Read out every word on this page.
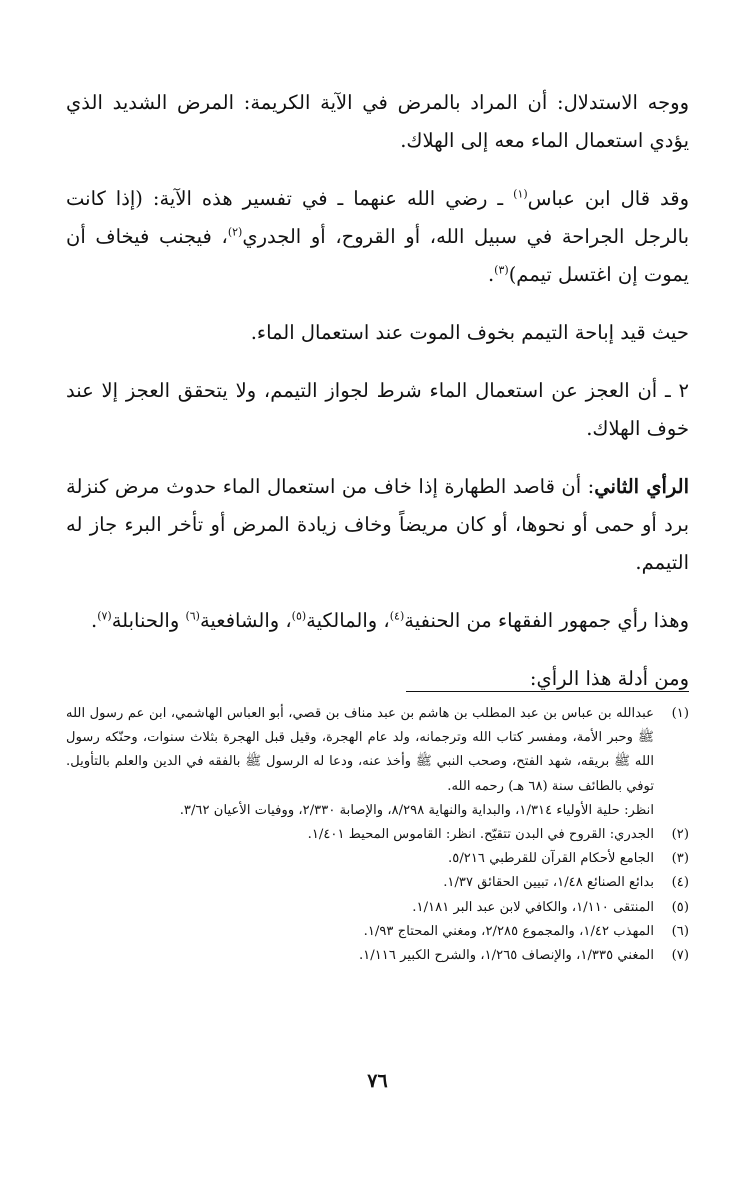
ووجه الاستدلال: أن المراد بالمرض في الآية الكريمة: المرض الشديد الذي يؤدي استعمال الماء معه إلى الهلاك.

وقد قال ابن عباس$^{(١)}$ ـ رضي الله عنهما ـ في تفسير هذه الآية: (إذا كانت بالرجل الجراحة في سبيل الله، أو القروح، أو الجدري$^{(٢)}$، فيجنب فيخاف أن يموت إن اغتسل تيمم)$^{(٣)}$.

حيث قيد إباحة التيمم بخوف الموت عند استعمال الماء.

٢ ـ أن العجز عن استعمال الماء شرط لجواز التيمم، ولا يتحقق العجز إلا عند خوف الهلاك.

الرأي الثاني: أن قاصد الطهارة إذا خاف من استعمال الماء حدوث مرض كنزلة برد أو حمى أو نحوها، أو كان مريضاً وخاف زيادة المرض أو تأخر البرء جاز له التيمم.

وهذا رأي جمهور الفقهاء من الحنفية$^{(٤)}$، والمالكية$^{(٥)}$، والشافعية$^{(٦)}$ والحنابلة$^{(٧)}$.

ومن أدلة هذا الرأي:

(١)
عبدالله بن عباس بن عبد المطلب بن هاشم بن عبد مناف بن قصي، أبو العباس الهاشمي، ابن عم رسول الله ﷺ وحبر الأمة، ومفسر كتاب الله وترجمانه، ولد عام الهجرة، وقيل قبل الهجرة بثلاث سنوات، وحنّكه رسول الله ﷺ بريقه، شهد الفتح، وصحب النبي ﷺ وأخذ عنه، ودعا له الرسول ﷺ بالفقه في الدين والعلم بالتأويل. توفي بالطائف سنة (٦٨ هـ) رحمه الله.
انظر: حلية الأولياء ١/٣١٤، والبداية والنهاية ٨/٢٩٨، والإصابة ٢/٣٣٠، ووفيات الأعيان ٣/٦٢.
(٢)
الجدري: القروح في البدن تتقيّح. انظر: القاموس المحيط ١/٤٠١.
(٣)
الجامع لأحكام القرآن للقرطبي ٥/٢١٦.
(٤)
بدائع الصنائع ١/٤٨، تبيين الحقائق ١/٣٧.
(٥)
المنتقى ١/١١٠، والكافي لابن عبد البر ١/١٨١.
(٦)
المهذب ١/٤٢، والمجموع ٢/٢٨٥، ومغني المحتاج ١/٩٣.
(٧)
المغني ١/٣٣٥، والإنصاف ١/٢٦٥، والشرح الكبير ١/١١٦.
٧٦
